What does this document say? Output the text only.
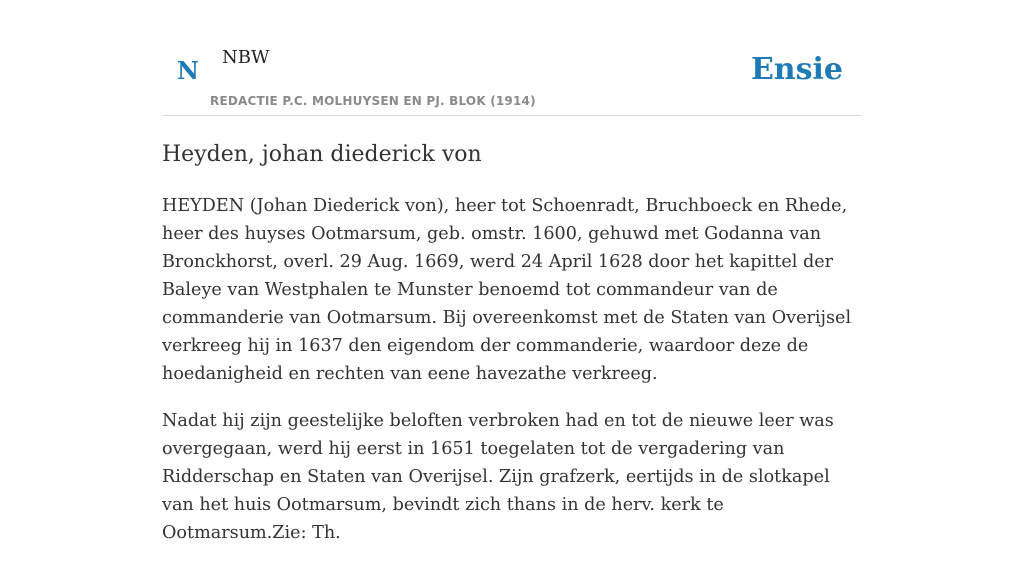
N NBW
REDACTIE P.C. MOLHUYSEN EN PJ. BLOK (1914)
Ensie
Heyden, johan diederick von

HEYDEN (Johan Diederick von), heer tot Schoenradt, Bruchboeck en Rhede, heer des huyses Ootmarsum, geb. omstr. 1600, gehuwd met Godanna van Bronckhorst, overl. 29 Aug. 1669, werd 24 April 1628 door het kapittel der Baleye van Westphalen te Munster benoemd tot commandeur van de commanderie van Ootmarsum. Bij overeenkomst met de Staten van Overijsel verkreeg hij in 1637 den eigendom der commanderie, waardoor deze de hoedanigheid en rechten van eene havezathe verkreeg.

Nadat hij zijn geestelijke beloften verbroken had en tot de nieuwe leer was overgegaan, werd hij eerst in 1651 toegelaten tot de vergadering van Ridderschap en Staten van Overijsel. Zijn grafzerk, eertijds in de slotkapel van het huis Ootmarsum, bevindt zich thans in de herv. kerk te Ootmarsum.Zie: Th.
